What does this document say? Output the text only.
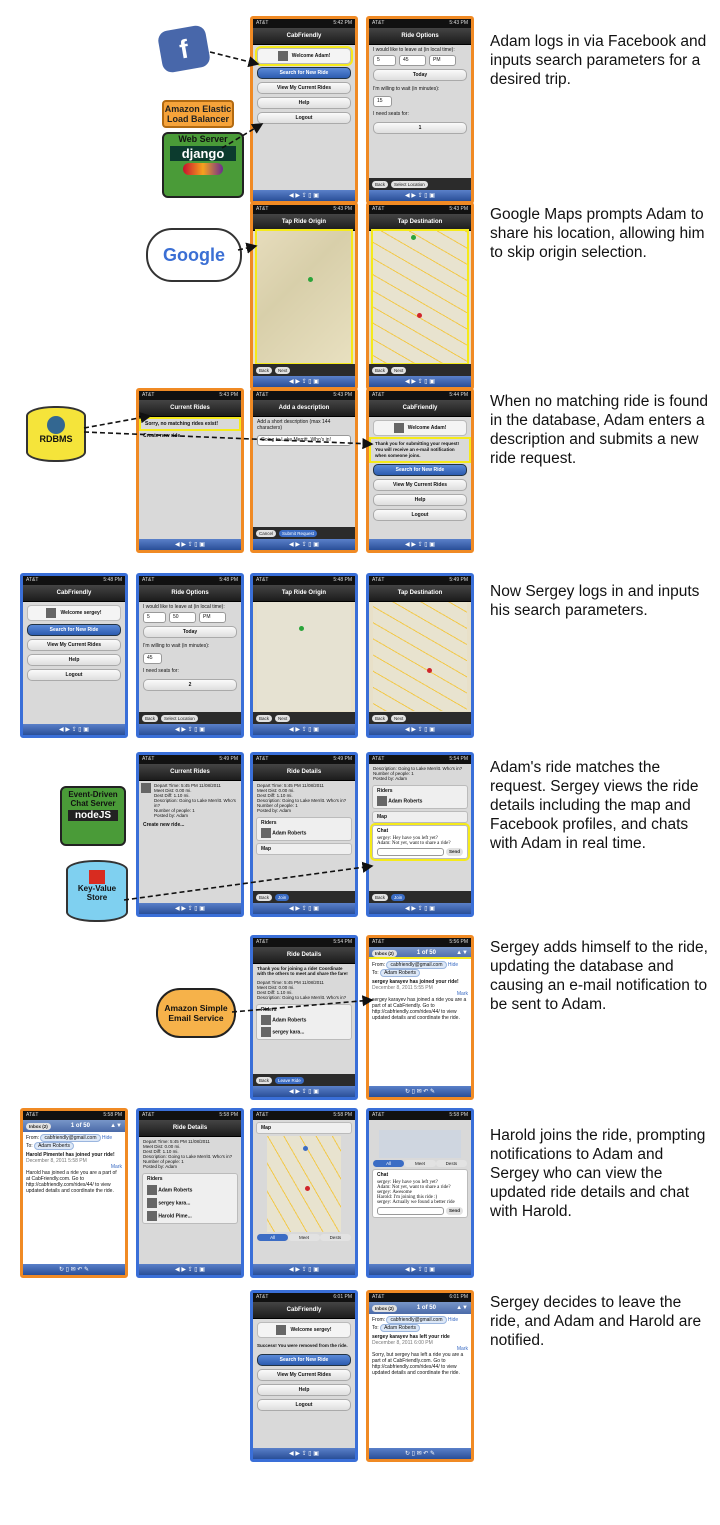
f
Amazon Elastic Load Balancer
Web Server
django
AT&T	5:42 PM
CabFriendly
Welcome Adam!
Search for New Ride
View My Current Rides
Help
Logout
◀ ▶ ⇪ ▯ ▣
AT&T	5:43 PM
Ride Options
I would like to leave at (in local time):
5	45	PM
Today
I'm willing to wait (in minutes):
15
I need seats for:
1
Back	Select Location
◀ ▶ ⇪ ▯ ▣
Adam logs in via Facebook and inputs search parameters for a desired trip.
Google
AT&T	5:43 PM
Tap Ride Origin
Back	Next
◀ ▶ ⇪ ▯ ▣
AT&T	5:43 PM
Tap Destination
Back	Next
◀ ▶ ⇪ ▯ ▣
Google Maps prompts Adam to share his location, allowing him to skip origin selection.
RDBMS
AT&T	5:43 PM
Current Rides
Sorry, no matching rides exist!
Create new ride...
◀ ▶ ⇪ ▯ ▣
AT&T	5:43 PM
Add a description
Add a short description (max 144 characters)
Going to Lake Merritt. Who's in!
Cancel	Submit Request
◀ ▶ ⇪ ▯ ▣
AT&T	5:44 PM
CabFriendly
Welcome Adam!
Thank you for submitting your request! You will receive an e-mail notification when someone joins.
Search for New Ride
View My Current Rides
Help
Logout
◀ ▶ ⇪ ▯ ▣
When no matching ride is found in the database, Adam enters a description and submits a new ride request.
AT&T	5:48 PM
CabFriendly
Welcome sergey!
Search for New Ride
View My Current Rides
Help
Logout
◀ ▶ ⇪ ▯ ▣
AT&T	5:48 PM
Ride Options
I would like to leave at (in local time):
5	50	PM
Today
I'm willing to wait (in minutes):
45
I need seats for:
2
Back	Select Location
◀ ▶ ⇪ ▯ ▣
AT&T	5:48 PM
Tap Ride Origin
Back	Next
◀ ▶ ⇪ ▯ ▣
AT&T	5:49 PM
Tap Destination
Back	Next
◀ ▶ ⇪ ▯ ▣
Now Sergey logs in and inputs his search parameters.
Event-Driven Chat Server
nodeJS
Key-Value Store
AT&T	5:49 PM
Current Rides
Depart Time: 5:45 PM 11/08/2011
Meet Dist: 0.00 mi.
Dest Diff: 1.10 mi.
Description: Going to Lake Merritt. Who's in?
Number of people: 1
Posted by: Adam
Create new ride...
◀ ▶ ⇪ ▯ ▣
AT&T	5:49 PM
Ride Details
Depart Time: 5:45 PM 11/08/2011
Meet Dist: 0.00 mi.
Dest Diff: 1.10 mi.
Description: Going to Lake Merritt. Who's in?
Number of people: 1
Posted by: Adam
Riders
Adam Roberts
Map
Back	Join
◀ ▶ ⇪ ▯ ▣
AT&T	5:54 PM
Description: Going to Lake Merritt. Who's in?
Number of people: 1
Posted by: Adam
Riders
Adam Roberts
Map
Chat
sergey: Hey have you left yet?
Adam: Not yet, want to share a ride?
Send
Back	Join
◀ ▶ ⇪ ▯ ▣
Adam's ride matches the request. Sergey views the ride details including the map and Facebook profiles, and chats with Adam in real time.
Amazon Simple Email Service
AT&T	5:54 PM
Ride Details
Thank you for joining a ride! Coordinate with the others to meet and share the fare!
Depart Time: 5:45 PM 11/08/2011
Meet Dist: 0.00 mi.
Dest Diff: 1.10 mi.
Description: Going to Lake Merritt. Who's in?
Riders
Adam Roberts
sergey kara...
Back	Leave Ride
◀ ▶ ⇪ ▯ ▣
AT&T	5:56 PM
Inbox (2)	1 of 50	▲▼
From: cabfriendly@gmail.com Hide
To: Adam Roberts
sergey karayev has joined your ride!
December 8, 2011 5:55 PM
Mark
sergey karayev has joined a ride you are a part of at CabFriendly. Go to http://cabfriendly.com/rides/44/ to view updated details and coordinate the ride.
↻ ▯ ✉ ↶ ✎
Sergey adds himself to the ride, updating the database and causing an e-mail notification to be sent to Adam.
AT&T	5:58 PM
Inbox (2)	1 of 50	▲▼
From: cabfriendly@gmail.com Hide
To: Adam Roberts
Harold Pimentel has joined your ride!
December 8, 2011 5:58 PM
Mark
Harold has joined a ride you are a part of at CabFriendly.com. Go to http://cabfriendly.com/rides/44/ to view updated details and coordinate the ride.
↻ ▯ ✉ ↶ ✎
AT&T	5:58 PM
Ride Details
Depart Time: 5:45 PM 11/08/2011
Meet Dist: 0.00 mi.
Dest Diff: 1.10 mi.
Description: Going to Lake Merritt. Who's in?
Number of people: 1
Posted by: Adam
Riders
Adam Roberts
sergey kara...
Harold Pime...
◀ ▶ ⇪ ▯ ▣
AT&T	5:58 PM
Map
All	Meet	Dests
◀ ▶ ⇪ ▯ ▣
AT&T	5:58 PM
All	Meet	Dests
Chat
sergey: Hey have you left yet?
Adam: Not yet, want to share a ride?
sergey: Awesome
Harold: I'm joining this ride :)
sergey: Actually we found a better ride
Send
◀ ▶ ⇪ ▯ ▣
Harold joins the ride, prompting notifications to Adam and Sergey who can view the updated ride details and chat with Harold.
AT&T	6:01 PM
CabFriendly
Welcome sergey!
Success! You were removed from the ride.
Search for New Ride
View My Current Rides
Help
Logout
◀ ▶ ⇪ ▯ ▣
AT&T	6:01 PM
Inbox (2)	1 of 50	▲▼
From: cabfriendly@gmail.com Hide
To: Adam Roberts
sergey karayev has left your ride
December 8, 2011 6:00 PM
Mark
Sorry, but sergey has left a ride you are a part of at CabFriendly.com. Go to http://cabfriendly.com/rides/44/ to view updated details and coordinate the ride.
↻ ▯ ✉ ↶ ✎
Sergey decides to leave the ride, and Adam and Harold are notified.
